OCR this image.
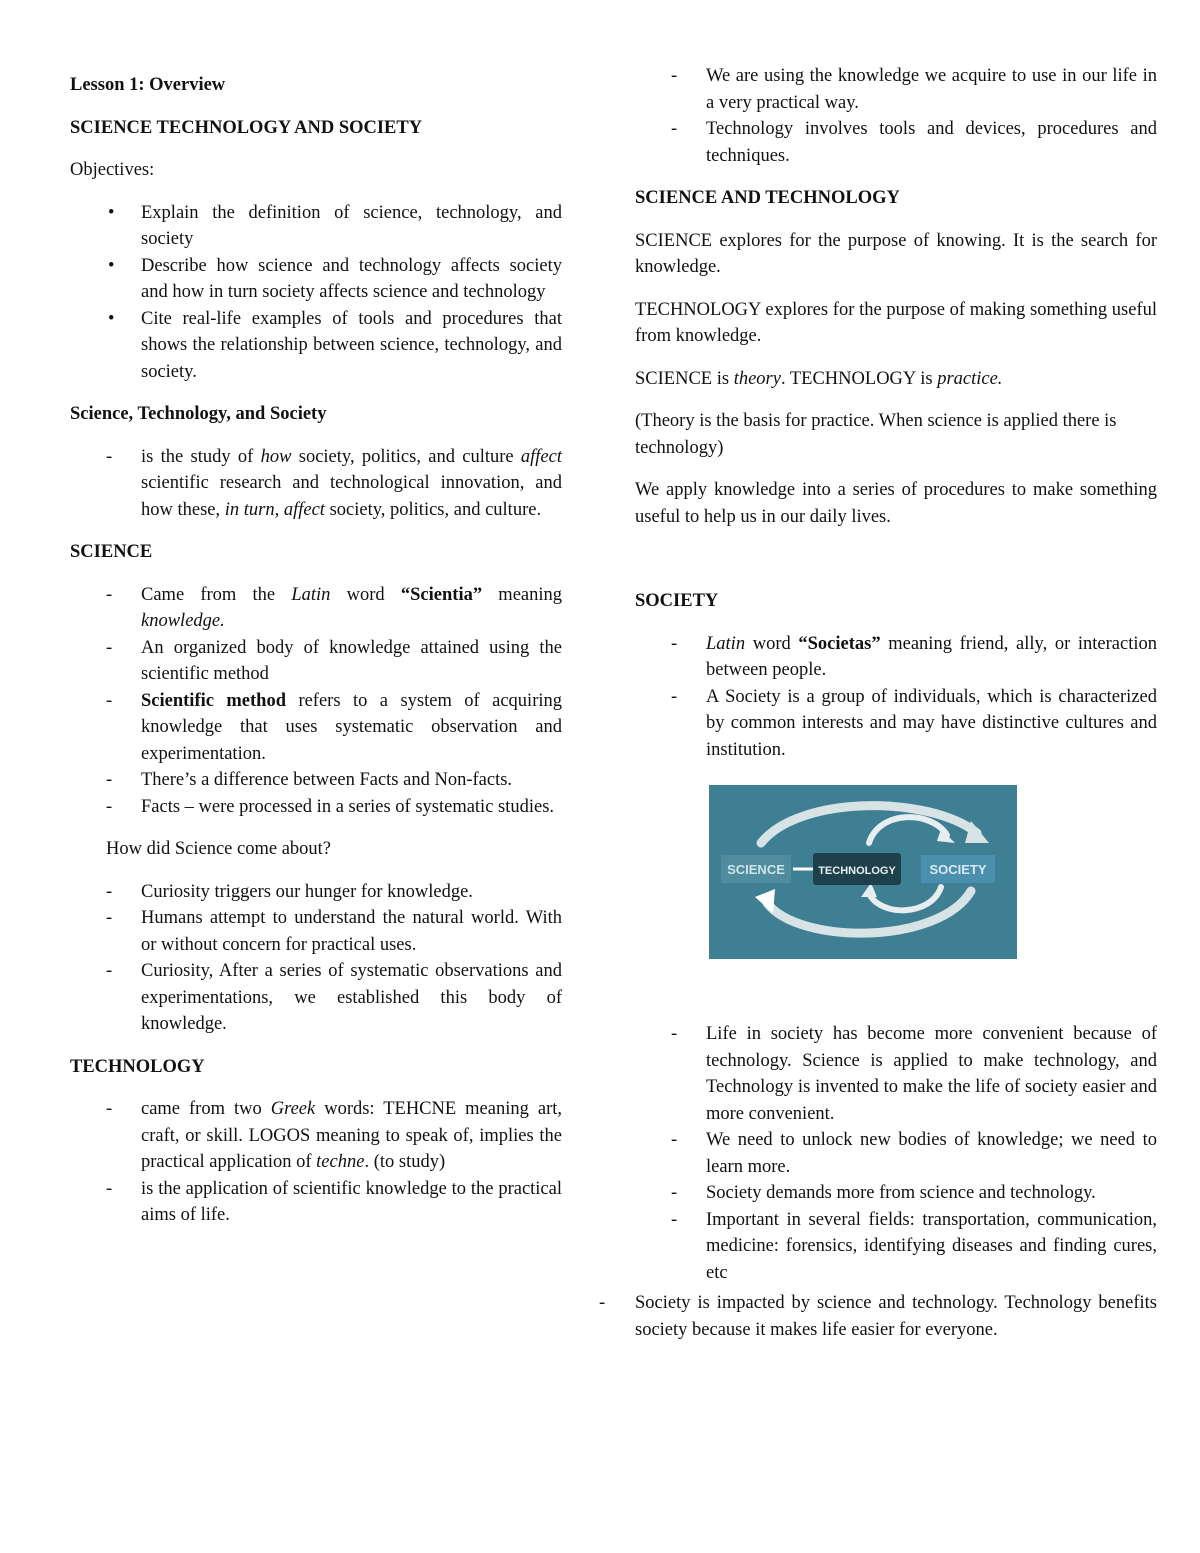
Lesson 1: Overview

SCIENCE TECHNOLOGY AND SOCIETY

Objectives:

• Explain the definition of science, technology, and society
• Describe how science and technology affects society and how in turn society affects science and technology
• Cite real-life examples of tools and procedures that shows the relationship between science, technology, and society.

Science, Technology, and Society

- is the study of how society, politics, and culture affect scientific research and technological innovation, and how these, in turn, affect society, politics, and culture.

SCIENCE

- Came from the Latin word “Scientia” meaning knowledge.
- An organized body of knowledge attained using the scientific method
- Scientific method refers to a system of acquiring knowledge that uses systematic observation and experimentation.
- There’s a difference between Facts and Non-facts.
- Facts – were processed in a series of systematic studies.

How did Science come about?

- Curiosity triggers our hunger for knowledge.
- Humans attempt to understand the natural world. With or without concern for practical uses.
- Curiosity, After a series of systematic observations and experimentations, we established this body of knowledge.

TECHNOLOGY

- came from two Greek words: TEHCNE meaning art, craft, or skill. LOGOS meaning to speak of, implies the practical application of techne. (to study)
- is the application of scientific knowledge to the practical aims of life.
- We are using the knowledge we acquire to use in our life in a very practical way.
- Technology involves tools and devices, procedures and techniques.

SCIENCE AND TECHNOLOGY

SCIENCE explores for the purpose of knowing. It is the search for knowledge.

TECHNOLOGY explores for the purpose of making something useful from knowledge.

SCIENCE is theory. TECHNOLOGY is practice.

(Theory is the basis for practice. When science is applied there is technology)

We apply knowledge into a series of procedures to make something useful to help us in our daily lives.

SOCIETY

- Latin word “Societas” meaning friend, ally, or interaction between people.
- A Society is a group of individuals, which is characterized by common interests and may have distinctive cultures and institution.
SCIENCE	TECHNOLOGY	SOCIETY
- Life in society has become more convenient because of technology. Science is applied to make technology, and Technology is invented to make the life of society easier and more convenient.
- We need to unlock new bodies of knowledge; we need to learn more.
- Society demands more from science and technology.
- Important in several fields: transportation, communication, medicine: forensics, identifying diseases and finding cures, etc
- Society is impacted by science and technology. Technology benefits society because it makes life easier for everyone.
